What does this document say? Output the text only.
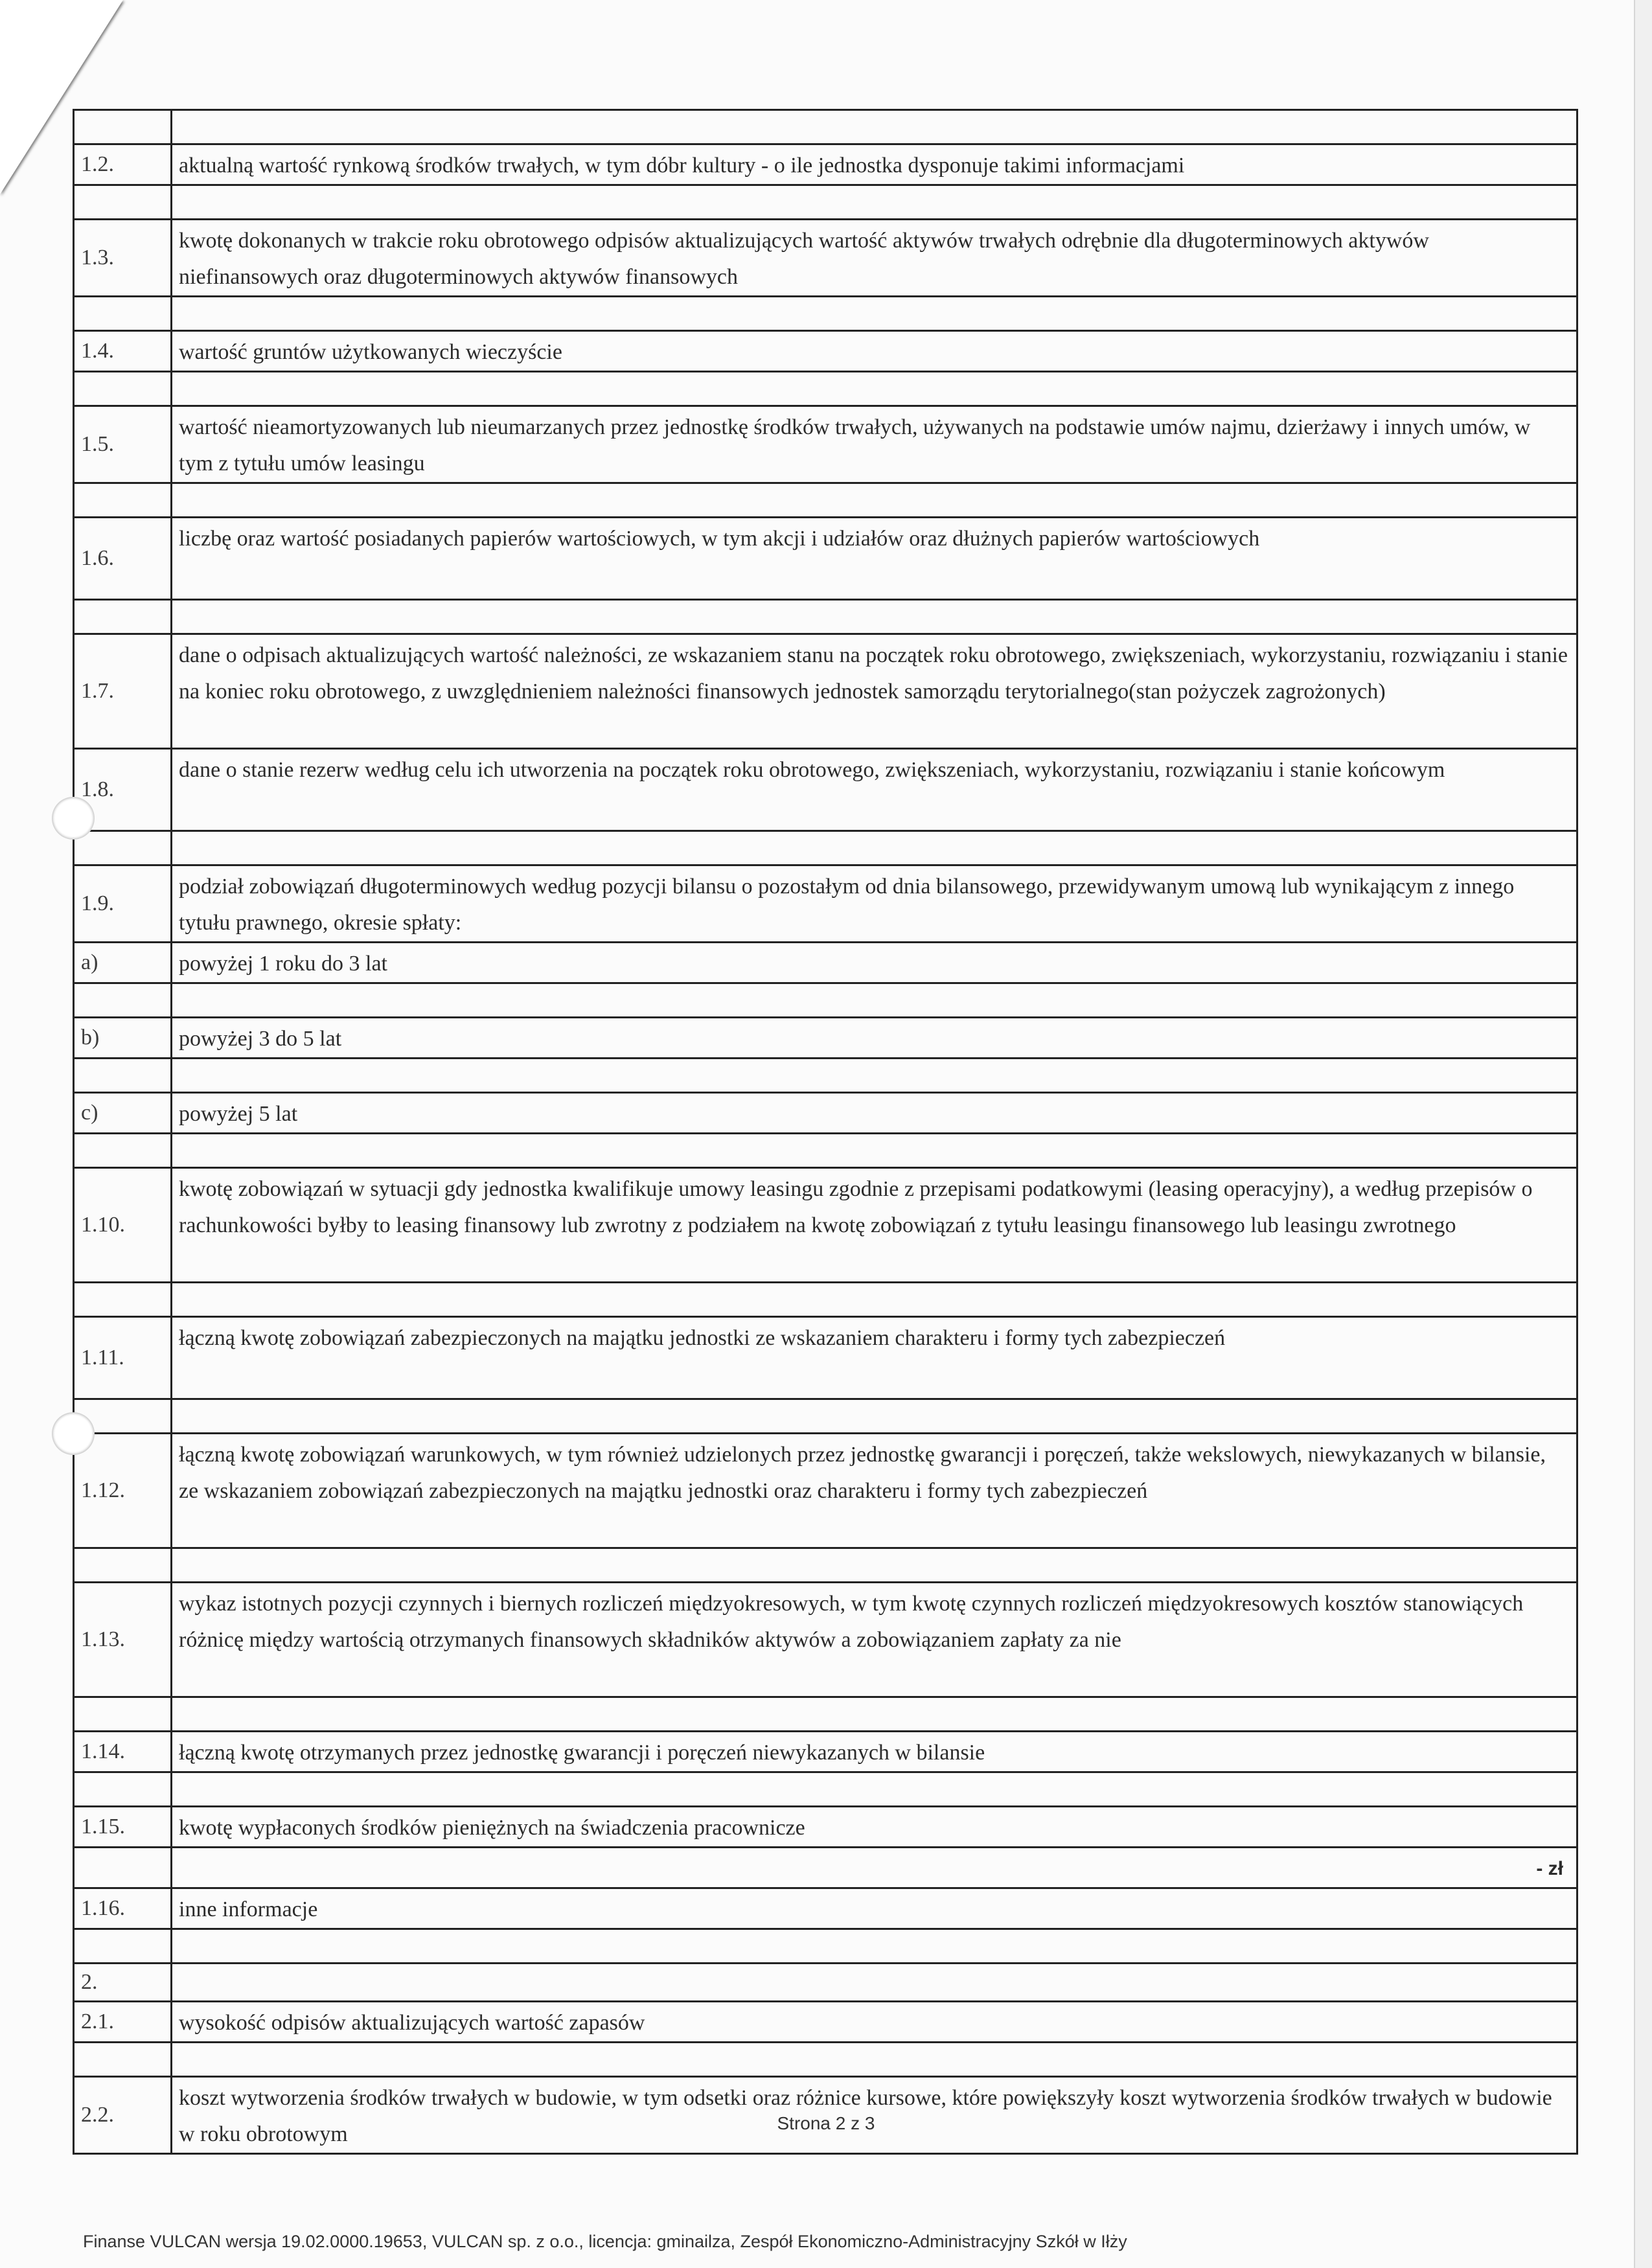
1.2.	aktualną wartość rynkową środków trwałych, w tym dóbr kultury - o ile jednostka dysponuje takimi informacjami

1.3.	kwotę dokonanych w trakcie roku obrotowego odpisów aktualizujących wartość aktywów trwałych odrębnie dla długoterminowych aktywów niefinansowych oraz długoterminowych aktywów finansowych

1.4.	wartość gruntów użytkowanych wieczyście

1.5.	wartość nieamortyzowanych lub nieumarzanych przez jednostkę środków trwałych, używanych na podstawie umów najmu, dzierżawy i innych umów, w tym z tytułu umów leasingu

1.6.	liczbę oraz wartość posiadanych papierów wartościowych, w tym akcji i udziałów oraz dłużnych papierów wartościowych

1.7.	dane o odpisach aktualizujących wartość należności, ze wskazaniem stanu na początek roku obrotowego, zwiększeniach, wykorzystaniu, rozwiązaniu i stanie na koniec roku obrotowego, z uwzględnieniem należności finansowych jednostek samorządu terytorialnego(stan pożyczek zagrożonych)
1.8.	dane o stanie rezerw według celu ich utworzenia na początek roku obrotowego, zwiększeniach, wykorzystaniu, rozwiązaniu i stanie końcowym

1.9.	podział zobowiązań długoterminowych według pozycji bilansu o pozostałym od dnia bilansowego, przewidywanym umową lub wynikającym z innego tytułu prawnego, okresie spłaty:
a)	powyżej 1 roku do 3 lat

b)	powyżej 3 do 5 lat

c)	powyżej 5 lat

1.10.	kwotę zobowiązań w sytuacji gdy jednostka kwalifikuje umowy leasingu zgodnie z przepisami podatkowymi (leasing operacyjny), a według przepisów o rachunkowości byłby to leasing finansowy lub zwrotny z podziałem na kwotę zobowiązań z tytułu leasingu finansowego lub leasingu zwrotnego

1.11.	łączną kwotę zobowiązań zabezpieczonych na majątku jednostki ze wskazaniem charakteru i formy tych zabezpieczeń

1.12.	łączną kwotę zobowiązań warunkowych, w tym również udzielonych przez jednostkę gwarancji i poręczeń, także wekslowych, niewykazanych w bilansie, ze wskazaniem zobowiązań zabezpieczonych na majątku jednostki oraz charakteru i formy tych zabezpieczeń

1.13.	wykaz istotnych pozycji czynnych i biernych rozliczeń międzyokresowych, w tym kwotę czynnych rozliczeń międzyokresowych kosztów stanowiących różnicę między wartością otrzymanych finansowych składników aktywów a zobowiązaniem zapłaty za nie

1.14.	łączną kwotę otrzymanych przez jednostkę gwarancji i poręczeń niewykazanych w bilansie

1.15.	kwotę wypłaconych środków pieniężnych na świadczenia pracownicze
	- zł
1.16.	inne informacje

2.	
2.1.	wysokość odpisów aktualizujących wartość zapasów

2.2.	koszt wytworzenia środków trwałych w budowie, w tym odsetki oraz różnice kursowe, które powiększyły koszt wytworzenia środków trwałych w budowie w roku obrotowym	Strona 2 z 3
Finanse VULCAN wersja 19.02.0000.19653, VULCAN sp. z o.o., licencja: gminailza, Zespół Ekonomiczno-Administracyjny Szkół w Iłży
